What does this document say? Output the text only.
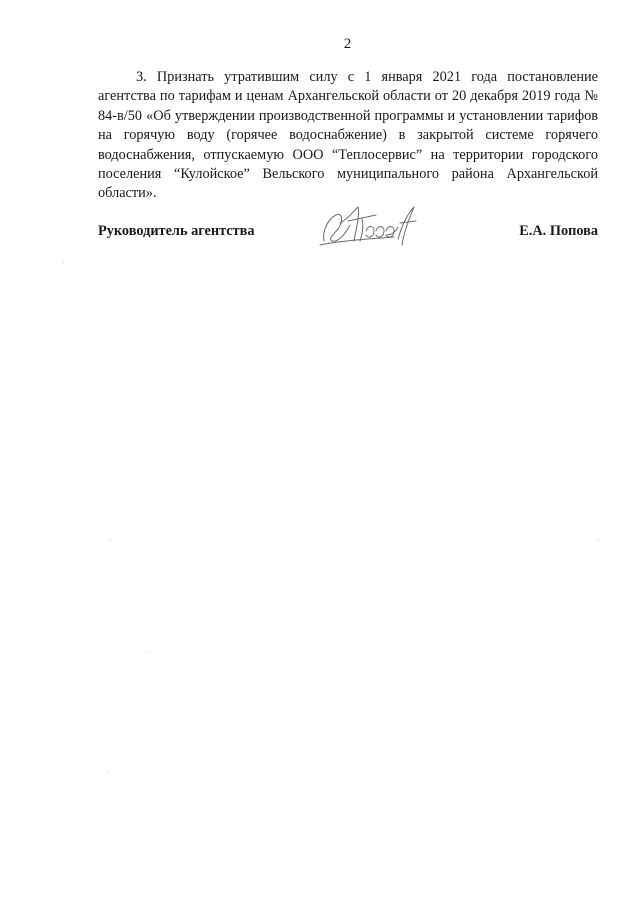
2

3. Признать утратившим силу с 1 января 2021 года постановление агентства по тарифам и ценам Архангельской области от 20 декабря 2019 года № 84-в/50 «Об утверждении производственной программы и установлении тарифов на горячую воду (горячее водоснабжение) в закрытой системе горячего водоснабжения, отпускаемую ООО “Теплосервис” на территории городского поселения “Кулойское” Вельского муниципального района Архангельской области».

Руководитель агентства	Е.А. Попова
